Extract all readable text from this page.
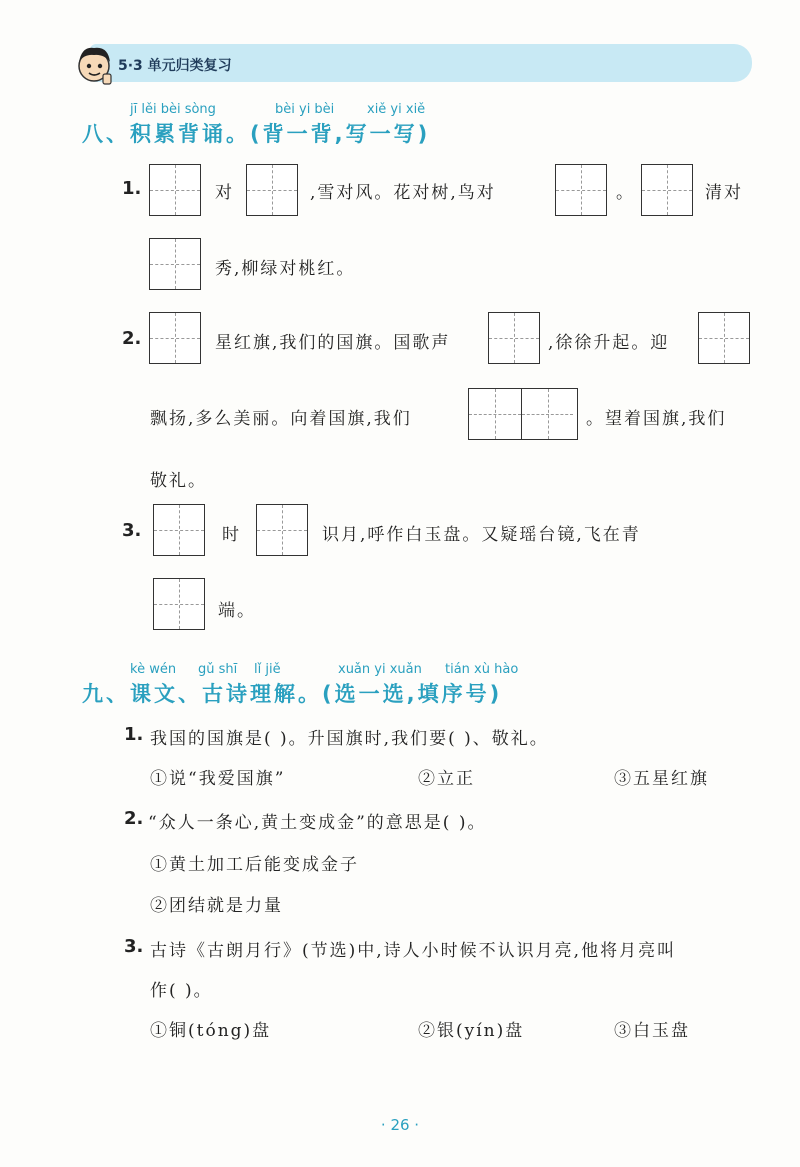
5·3 单元归类复习
jī lěi bèi sòng	bèi yi bèi	xiě yi xiě
八、积累背诵。(背一背,写一写)
1.	对	,雪对风。花对树,鸟对	。	清对
秀,柳绿对桃红。
2.	星红旗,我们的国旗。国歌声	,徐徐升起。迎
飘扬,多么美丽。向着国旗,我们	。望着国旗,我们
敬礼。
3.	时	识月,呼作白玉盘。又疑瑶台镜,飞在青
端。
kè wén gǔ shī lǐ jiě	xuǎn yi xuǎn tián xù hào
九、课文、古诗理解。(选一选,填序号)
1. 我国的国旗是( )。升国旗时,我们要( )、敬礼。
①说“我爱国旗”	②立正	③五星红旗
2. “众人一条心,黄土变成金”的意思是( )。
①黄土加工后能变成金子
②团结就是力量
3. 古诗《古朗月行》(节选)中,诗人小时候不认识月亮,他将月亮叫
作( )。
①铜(tóng)盘	②银(yín)盘	③白玉盘
· 26 ·
